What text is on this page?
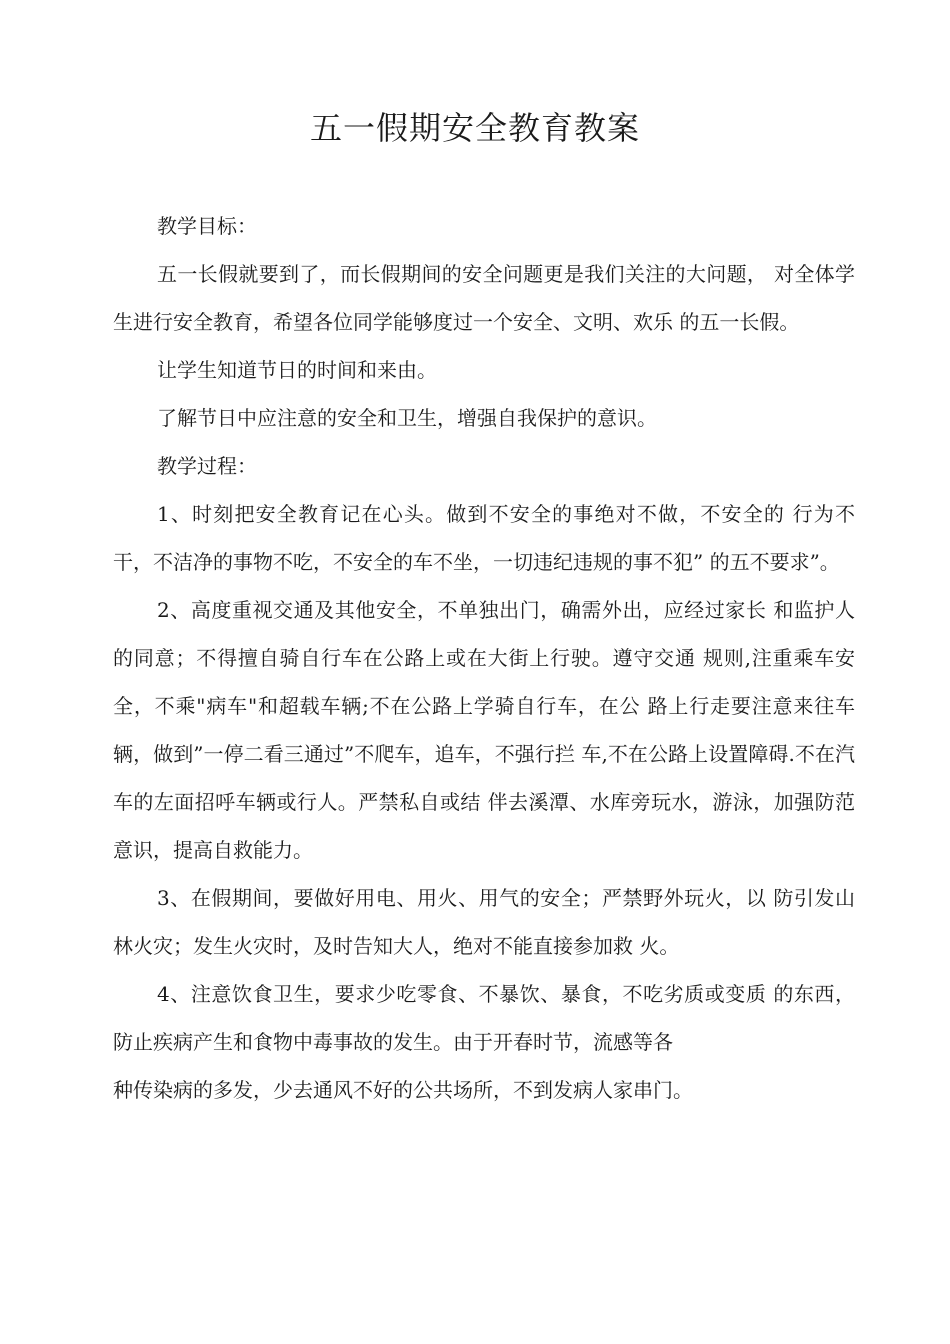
五一假期安全教育教案

教学目标：

五一长假就要到了，而长假期间的安全问题更是我们关注的大问题， 对全体学生进行安全教育，希望各位同学能够度过一个安全、文明、欢乐 的五一长假。

让学生知道节日的时间和来由。

了解节日中应注意的安全和卫生，增强自我保护的意识。

教学过程：

1、时刻把安全教育记在心头。做到不安全的事绝对不做，不安全的 行为不干，不洁净的事物不吃，不安全的车不坐，一切违纪违规的事不犯” 的五不要求”。

2、高度重视交通及其他安全，不单独出门，确需外出，应经过家长 和监护人的同意；不得擅自骑自行车在公路上或在大街上行驶。遵守交通 规则,注重乘车安全，不乘"病车"和超载车辆;不在公路上学骑自行车，在公 路上行走要注意来往车辆，做到”一停二看三通过”不爬车，追车，不强行拦 车,不在公路上设置障碍.不在汽车的左面招呼车辆或行人。严禁私自或结 伴去溪潭、水库旁玩水，游泳，加强防范意识，提高自救能力。

3、在假期间，要做好用电、用火、用气的安全；严禁野外玩火，以 防引发山林火灾；发生火灾时，及时告知大人，绝对不能直接参加救 火。

4、注意饮食卫生，要求少吃零食、不暴饮、暴食，不吃劣质或变质 的东西，防止疾病产生和食物中毒事故的发生。由于开春时节，流感等各

种传染病的多发，少去通风不好的公共场所，不到发病人家串门。
